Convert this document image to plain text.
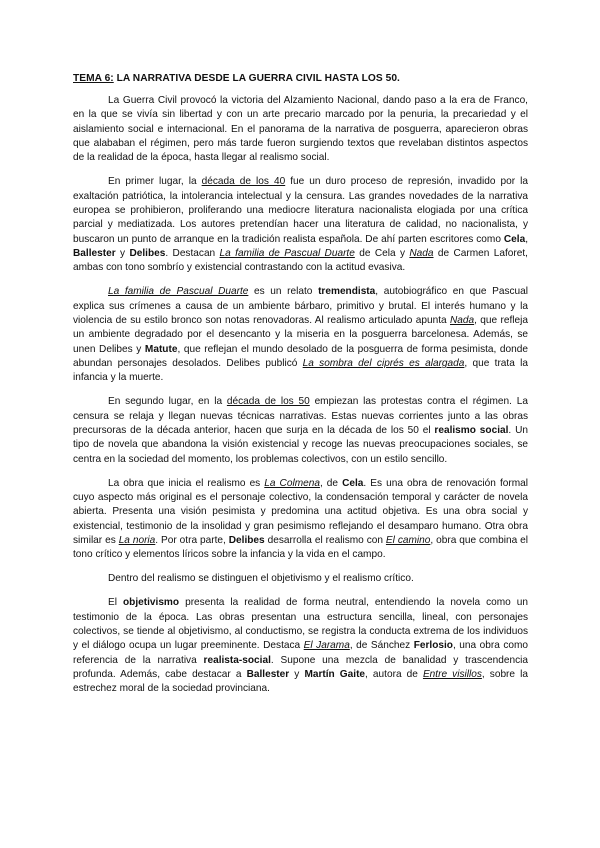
TEMA 6: LA NARRATIVA DESDE LA GUERRA CIVIL HASTA LOS 50.

La Guerra Civil provocó la victoria del Alzamiento Nacional, dando paso a la era de Franco, en la que se vivía sin libertad y con un arte precario marcado por la penuria, la precariedad y el aislamiento social e internacional. En el panorama de la narrativa de posguerra, aparecieron obras que alababan el régimen, pero más tarde fueron surgiendo textos que revelaban distintos aspectos de la realidad de la época, hasta llegar al realismo social.

En primer lugar, la década de los 40 fue un duro proceso de represión, invadido por la exaltación patriótica, la intolerancia intelectual y la censura. Las grandes novedades de la narrativa europea se prohibieron, proliferando una mediocre literatura nacionalista elogiada por una crítica parcial y mediatizada. Los autores pretendían hacer una literatura de calidad, no nacionalista, y buscaron un punto de arranque en la tradición realista española. De ahí parten escritores como Cela, Ballester y Delibes. Destacan La familia de Pascual Duarte de Cela y Nada de Carmen Laforet, ambas con tono sombrío y existencial contrastando con la actitud evasiva.

La familia de Pascual Duarte es un relato tremendista, autobiográfico en que Pascual explica sus crímenes a causa de un ambiente bárbaro, primitivo y brutal. El interés humano y la violencia de su estilo bronco son notas renovadoras. Al realismo articulado apunta Nada, que refleja un ambiente degradado por el desencanto y la miseria en la posguerra barcelonesa. Además, se unen Delibes y Matute, que reflejan el mundo desolado de la posguerra de forma pesimista, donde abundan personajes desolados. Delibes publicó La sombra del ciprés es alargada, que trata la infancia y la muerte.

En segundo lugar, en la década de los 50 empiezan las protestas contra el régimen. La censura se relaja y llegan nuevas técnicas narrativas. Estas nuevas corrientes junto a las obras precursoras de la década anterior, hacen que surja en la década de los 50 el realismo social. Un tipo de novela que abandona la visión existencial y recoge las nuevas preocupaciones sociales, se centra en la sociedad del momento, los problemas colectivos, con un estilo sencillo.

La obra que inicia el realismo es La Colmena, de Cela. Es una obra de renovación formal cuyo aspecto más original es el personaje colectivo, la condensación temporal y carácter de novela abierta. Presenta una visión pesimista y predomina una actitud objetiva. Es una obra social y existencial, testimonio de la insolidad y gran pesimismo reflejando el desamparo humano. Otra obra similar es La noria. Por otra parte, Delibes desarrolla el realismo con El camino, obra que combina el tono crítico y elementos líricos sobre la infancia y la vida en el campo.

Dentro del realismo se distinguen el objetivismo y el realismo crítico.

El objetivismo presenta la realidad de forma neutral, entendiendo la novela como un testimonio de la época. Las obras presentan una estructura sencilla, lineal, con personajes colectivos, se tiende al objetivismo, al conductismo, se registra la conducta extrema de los individuos y el diálogo ocupa un lugar preeminente. Destaca El Jarama, de Sánchez Ferlosio, una obra como referencia de la narrativa realista-social. Supone una mezcla de banalidad y trascendencia profunda. Además, cabe destacar a Ballester y Martín Gaite, autora de Entre visillos, sobre la estrechez moral de la sociedad provinciana.
